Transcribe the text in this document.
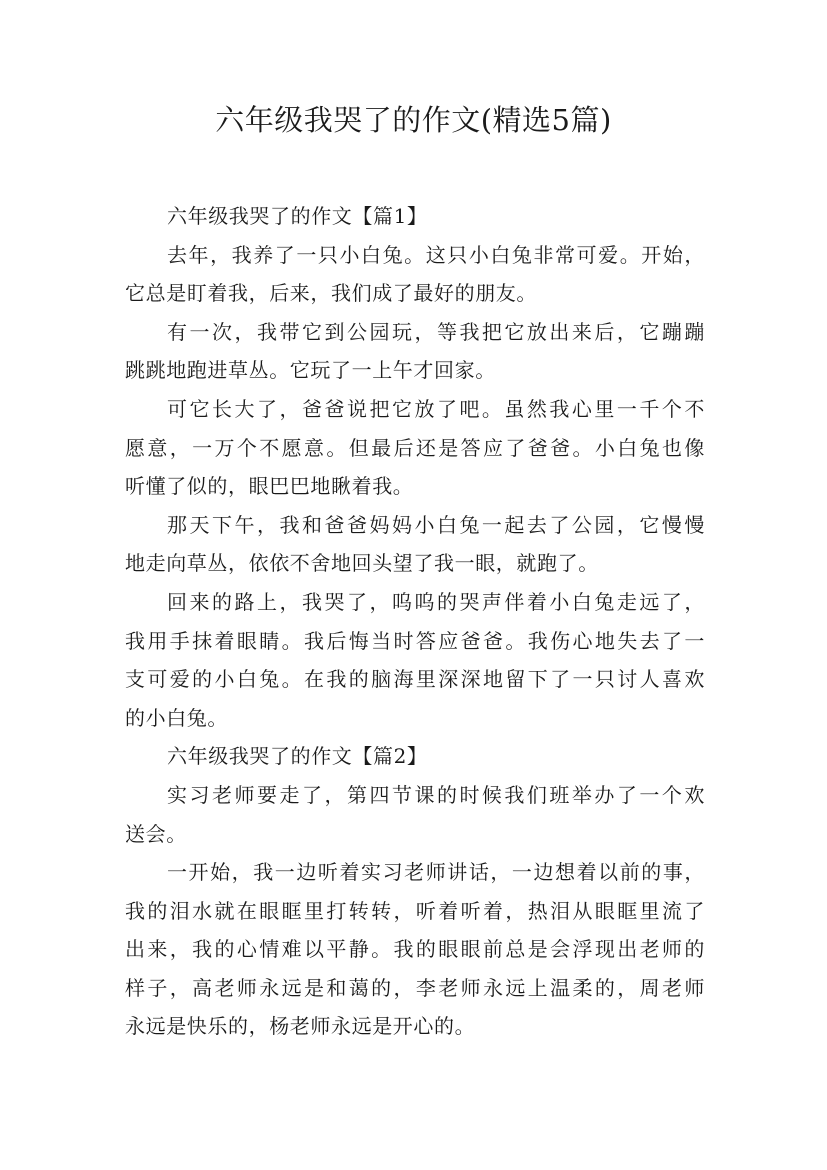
六年级我哭了的作文(精选5篇)
六年级我哭了的作文【篇1】
去年，我养了一只小白兔。这只小白兔非常可爱。开始，
它总是盯着我，后来，我们成了最好的朋友。
有一次，我带它到公园玩，等我把它放出来后，它蹦蹦
跳跳地跑进草丛。它玩了一上午才回家。
可它长大了，爸爸说把它放了吧。虽然我心里一千个不
愿意，一万个不愿意。但最后还是答应了爸爸。小白兔也像
听懂了似的，眼巴巴地瞅着我。
那天下午，我和爸爸妈妈小白兔一起去了公园，它慢慢
地走向草丛，依依不舍地回头望了我一眼，就跑了。
回来的路上，我哭了，呜呜的哭声伴着小白兔走远了，
我用手抹着眼睛。我后悔当时答应爸爸。我伤心地失去了一
支可爱的小白兔。在我的脑海里深深地留下了一只讨人喜欢
的小白兔。
六年级我哭了的作文【篇2】
实习老师要走了，第四节课的时候我们班举办了一个欢
送会。
一开始，我一边听着实习老师讲话，一边想着以前的事，
我的泪水就在眼眶里打转转，听着听着，热泪从眼眶里流了
出来，我的心情难以平静。我的眼眼前总是会浮现出老师的
样子，高老师永远是和蔼的，李老师永远上温柔的，周老师
永远是快乐的，杨老师永远是开心的。
